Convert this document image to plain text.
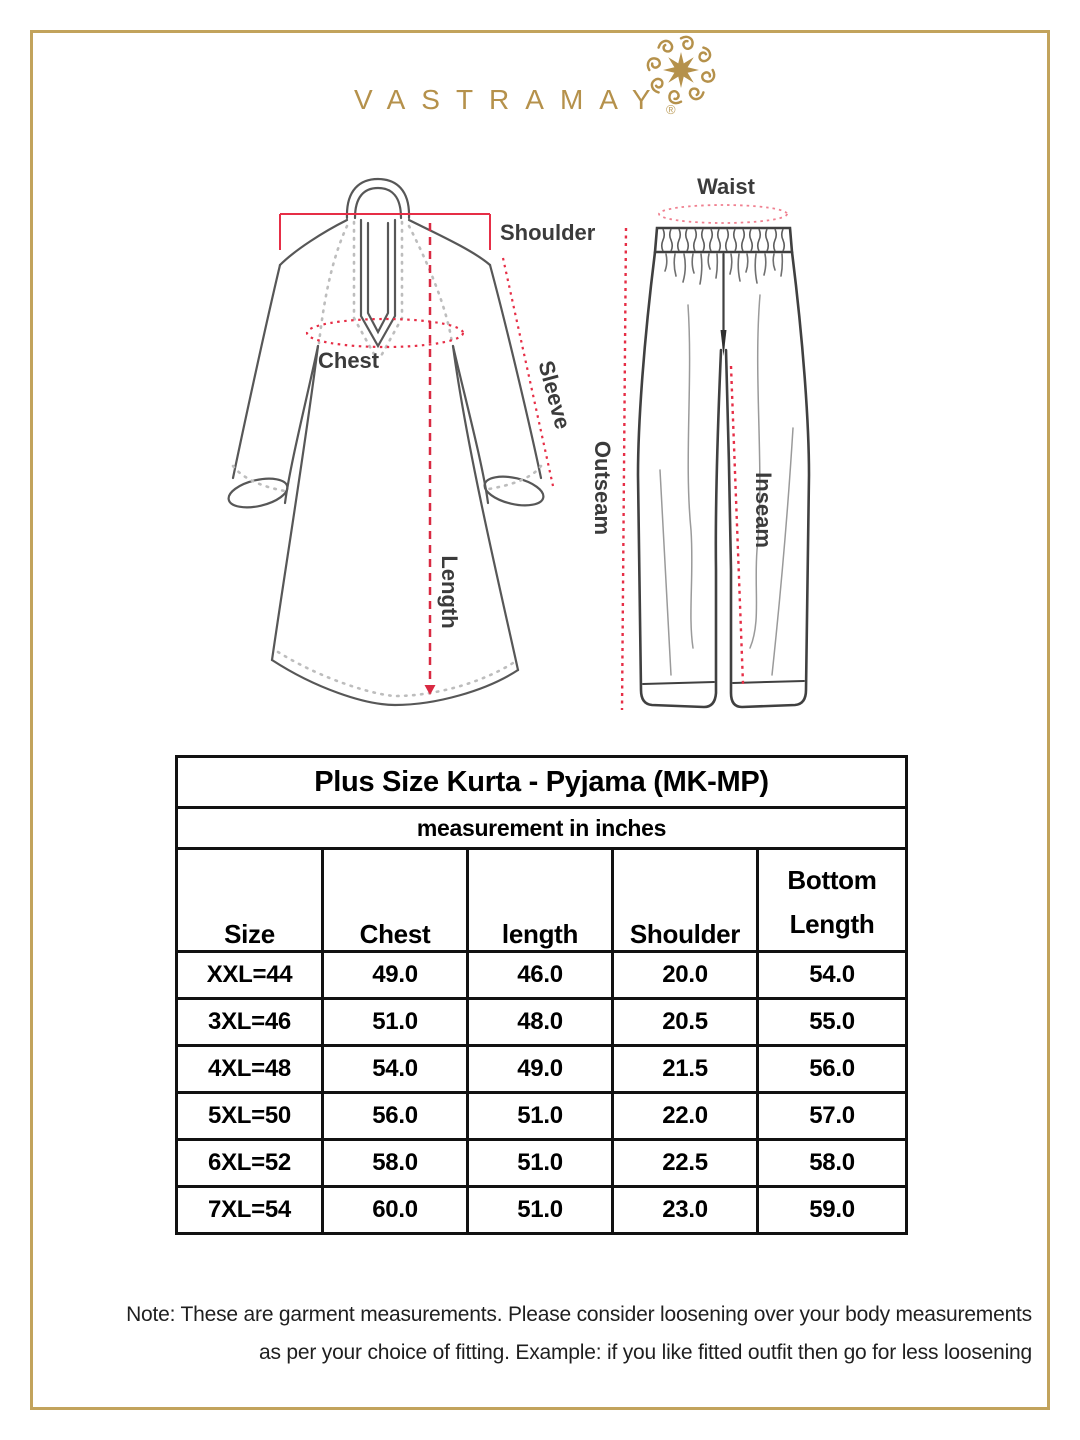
VASTRAMAY ®
Waist
Shoulder
Chest	Sleeve
Length
Outseam	Inseam
Plus Size Kurta - Pyjama (MK-MP)				
measurement in inches				
Size	Chest	length	Shoulder	Bottom
Length
XXL=44	49.0	46.0	20.0	54.0
3XL=46	51.0	48.0	20.5	55.0
4XL=48	54.0	49.0	21.5	56.0
5XL=50	56.0	51.0	22.0	57.0
6XL=52	58.0	51.0	22.5	58.0
7XL=54	60.0	51.0	23.0	59.0
Note: These are garment measurements. Please consider loosening over your body measurements
as per your choice of fitting. Example: if you like fitted outfit then go for less loosening
